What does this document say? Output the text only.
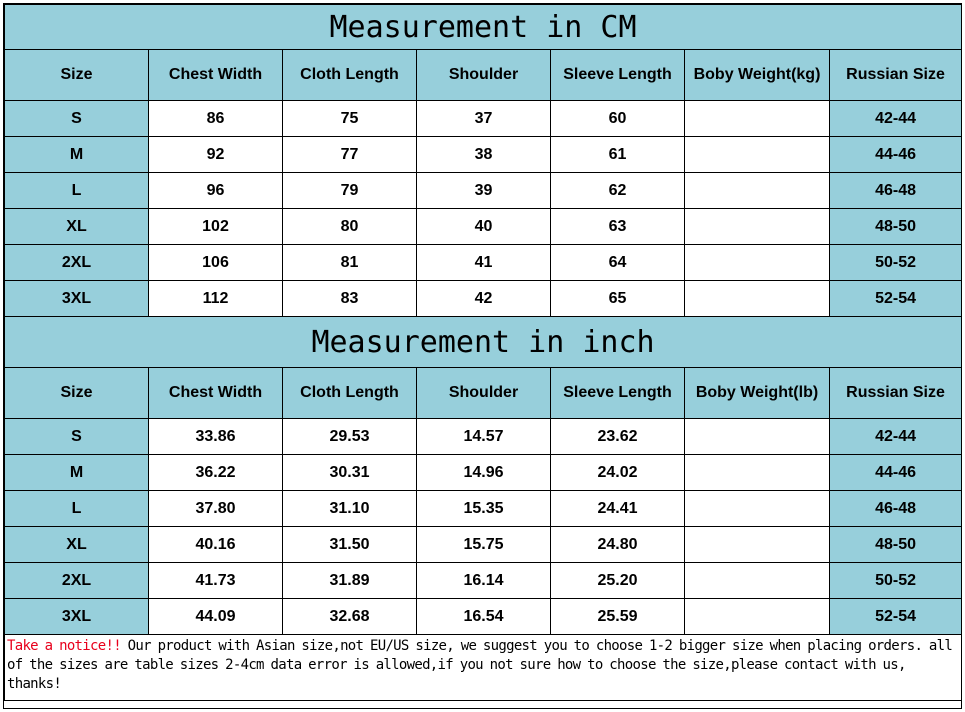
Measurement in CM						
Size	Chest Width	Cloth Length	Shoulder	Sleeve Length	Boby Weight(kg)	Russian Size
S	86	75	37	60		42-44
M	92	77	38	61		44-46
L	96	79	39	62		46-48
XL	102	80	40	63		48-50
2XL	106	81	41	64		50-52
3XL	112	83	42	65		52-54
Measurement in inch						
Size	Chest Width	Cloth Length	Shoulder	Sleeve Length	Boby Weight(lb)	Russian Size
S	33.86	29.53	14.57	23.62		42-44
M	36.22	30.31	14.96	24.02		44-46
L	37.80	31.10	15.35	24.41		46-48
XL	40.16	31.50	15.75	24.80		48-50
2XL	41.73	31.89	16.14	25.20		50-52
3XL	44.09	32.68	16.54	25.59		52-54

Take a notice!! Our product with Asian size,not EU/US size, we suggest you to choose 1-2 bigger size when placing orders. all of the sizes are table sizes 2-4cm data error is allowed,if you not sure how to choose the size,please contact with us, thanks!						
